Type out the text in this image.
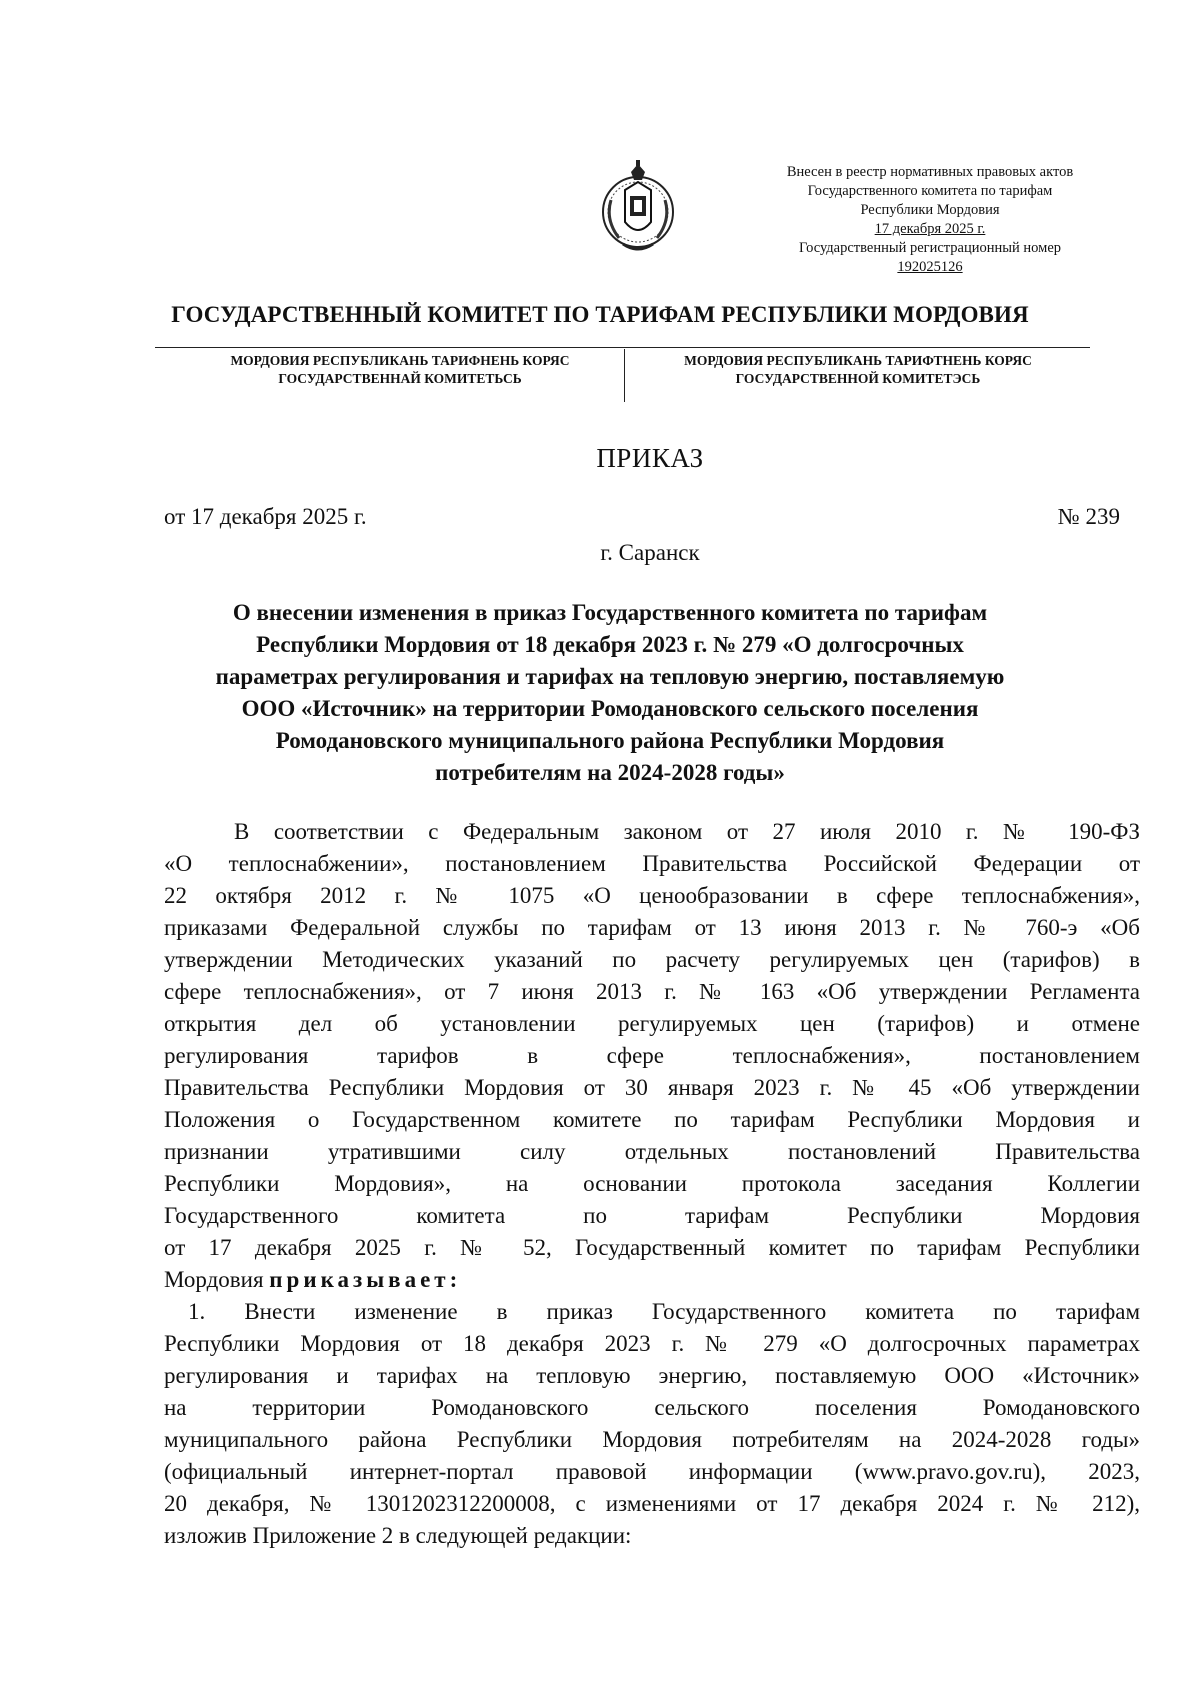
Внесен в реестр нормативных правовых актов
Государственного комитета по тарифам
Республики Мордовия
17 декабря 2025 г.
Государственный регистрационный номер
192025126
ГОСУДАРСТВЕННЫЙ КОМИТЕТ ПО ТАРИФАМ РЕСПУБЛИКИ МОРДОВИЯ
МОРДОВИЯ РЕСПУБЛИКАНЬ ТАРИФНЕНЬ КОРЯС
ГОСУДАРСТВЕННАЙ КОМИТЕТЬСЬ
МОРДОВИЯ РЕСПУБЛИКАНЬ ТАРИФТНЕНЬ КОРЯС
ГОСУДАРСТВЕННОЙ КОМИТЕТЭСЬ
ПРИКАЗ
от 17 декабря 2025 г.	№ 239
г. Саранск
О внесении изменения в приказ Государственного комитета по тарифам
Республики Мордовия от 18 декабря 2023 г. № 279 «О долгосрочных
параметрах регулирования и тарифах на тепловую энергию, поставляемую
ООО «Источник» на территории Ромодановского сельского поселения
Ромодановского муниципального района Республики Мордовия
потребителям на 2024-2028 годы»
В соответствии с Федеральным законом от 27 июля 2010 г. № 190-ФЗ
«О теплоснабжении», постановлением Правительства Российской Федерации от
22 октября 2012 г. № 1075 «О ценообразовании в сфере теплоснабжения»,
приказами Федеральной службы по тарифам от 13 июня 2013 г. № 760-э «Об
утверждении Методических указаний по расчету регулируемых цен (тарифов) в
сфере теплоснабжения», от 7 июня 2013 г. № 163 «Об утверждении Регламента
открытия дел об установлении регулируемых цен (тарифов) и отмене
регулирования тарифов в сфере теплоснабжения», постановлением
Правительства Республики Мордовия от 30 января 2023 г. № 45 «Об утверждении
Положения о Государственном комитете по тарифам Республики Мордовия и
признании утратившими силу отдельных постановлений Правительства
Республики Мордовия», на основании протокола заседания Коллегии
Государственного комитета по тарифам Республики Мордовия
от 17 декабря 2025 г. № 52, Государственный комитет по тарифам Республики
Мордовия приказывает:
1. Внести изменение в приказ Государственного комитета по тарифам
Республики Мордовия от 18 декабря 2023 г. № 279 «О долгосрочных параметрах
регулирования и тарифах на тепловую энергию, поставляемую ООО «Источник»
на территории Ромодановского сельского поселения Ромодановского
муниципального района Республики Мордовия потребителям на 2024-2028 годы»
(официальный интернет-портал правовой информации (www.pravo.gov.ru), 2023,
20 декабря, № 1301202312200008, с изменениями от 17 декабря 2024 г. № 212),
изложив Приложение 2 в следующей редакции:
